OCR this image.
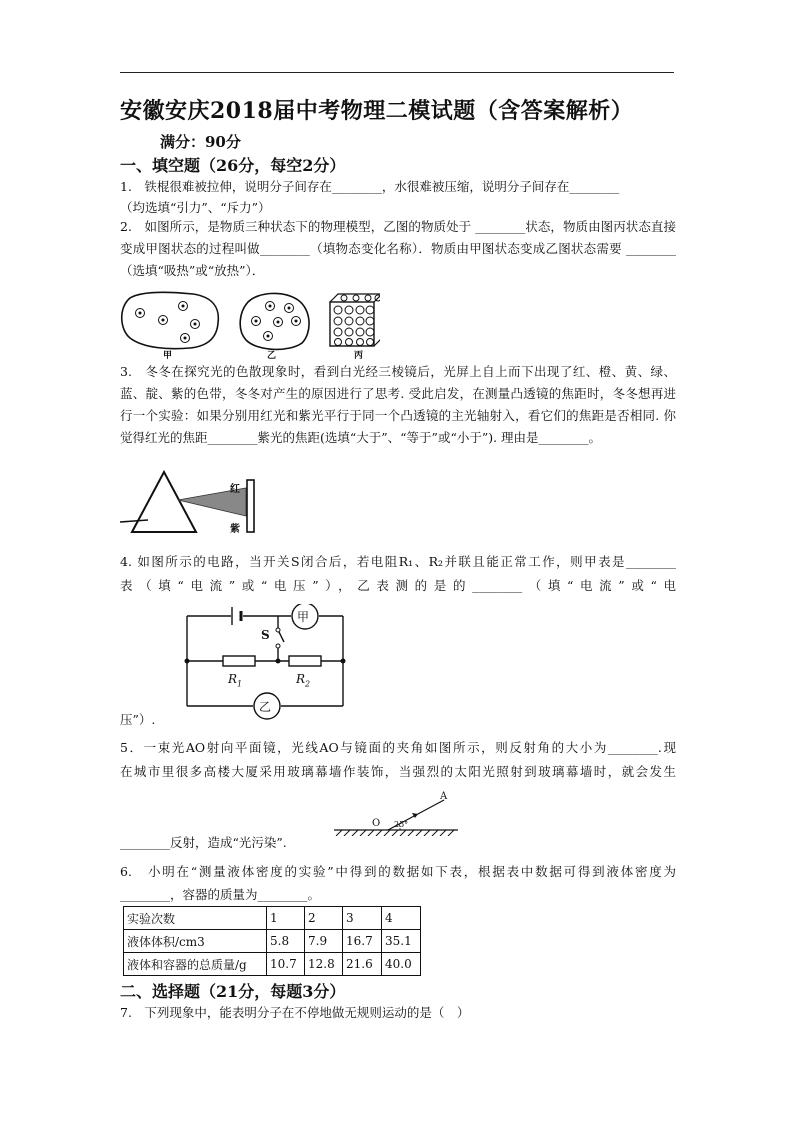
安徽安庆2018届中考物理二模试题（含答案解析）
满分：90分
一、填空题（26分，每空2分）
1.　铁棍很难被拉伸，说明分子间存在________，水很难被压缩，说明分子间存在________
（均选填“引力”、“斥力”）
2.　如图所示，是物质三种状态下的物理模型，乙图的物质处于 ________状态，物质由图丙状态直接变成甲图状态的过程叫做________（填物态变化名称）．物质由甲图状态变成乙图状态需要 ________（选填“吸热”或“放热”）．
甲	乙	丙
3.　冬冬在探究光的色散现象时，看到白光经三棱镜后，光屏上自上而下出现了红、橙、黄、绿、蓝、靛、紫的色带，冬冬对产生的原因进行了思考. 受此启发，在测量凸透镜的焦距时，冬冬想再进行一个实验：如果分别用红光和紫光平行于同一个凸透镜的主光轴射入，看它们的焦距是否相同. 你觉得红光的焦距________紫光的焦距(选填“大于”、“等于”或“小于”). 理由是________。
红
紫
4. 如图所示的电路，当开关S闭合后，若电阻R₁、R₂并联且能正常工作，则甲表是________
表（填“电流”或“电压”），乙表测的是的________（填“电流”或“电
甲
乙
S
$R_1$	$R_2$
压”）.
5．一束光AO射向平面镜，光线AO与镜面的夹角如图所示，则反射角的大小为________.现
在城市里很多高楼大厦采用玻璃幕墙作装饰，当强烈的太阳光照射到玻璃幕墙时，就会发生
A
O 25°
________反射，造成“光污染”.
6.　小明在“测量液体密度的实验”中得到的数据如下表，根据表中数据可得到液体密度为
________，容器的质量为________。
实验次数	1	2	3	4
液体体积/cm3	5.8	7.9	16.7	35.1
液体和容器的总质量/g	10.7	12.8	21.6	40.0
二、选择题（21分，每题3分）
7.　下列现象中，能表明分子在不停地做无规则运动的是（　）
